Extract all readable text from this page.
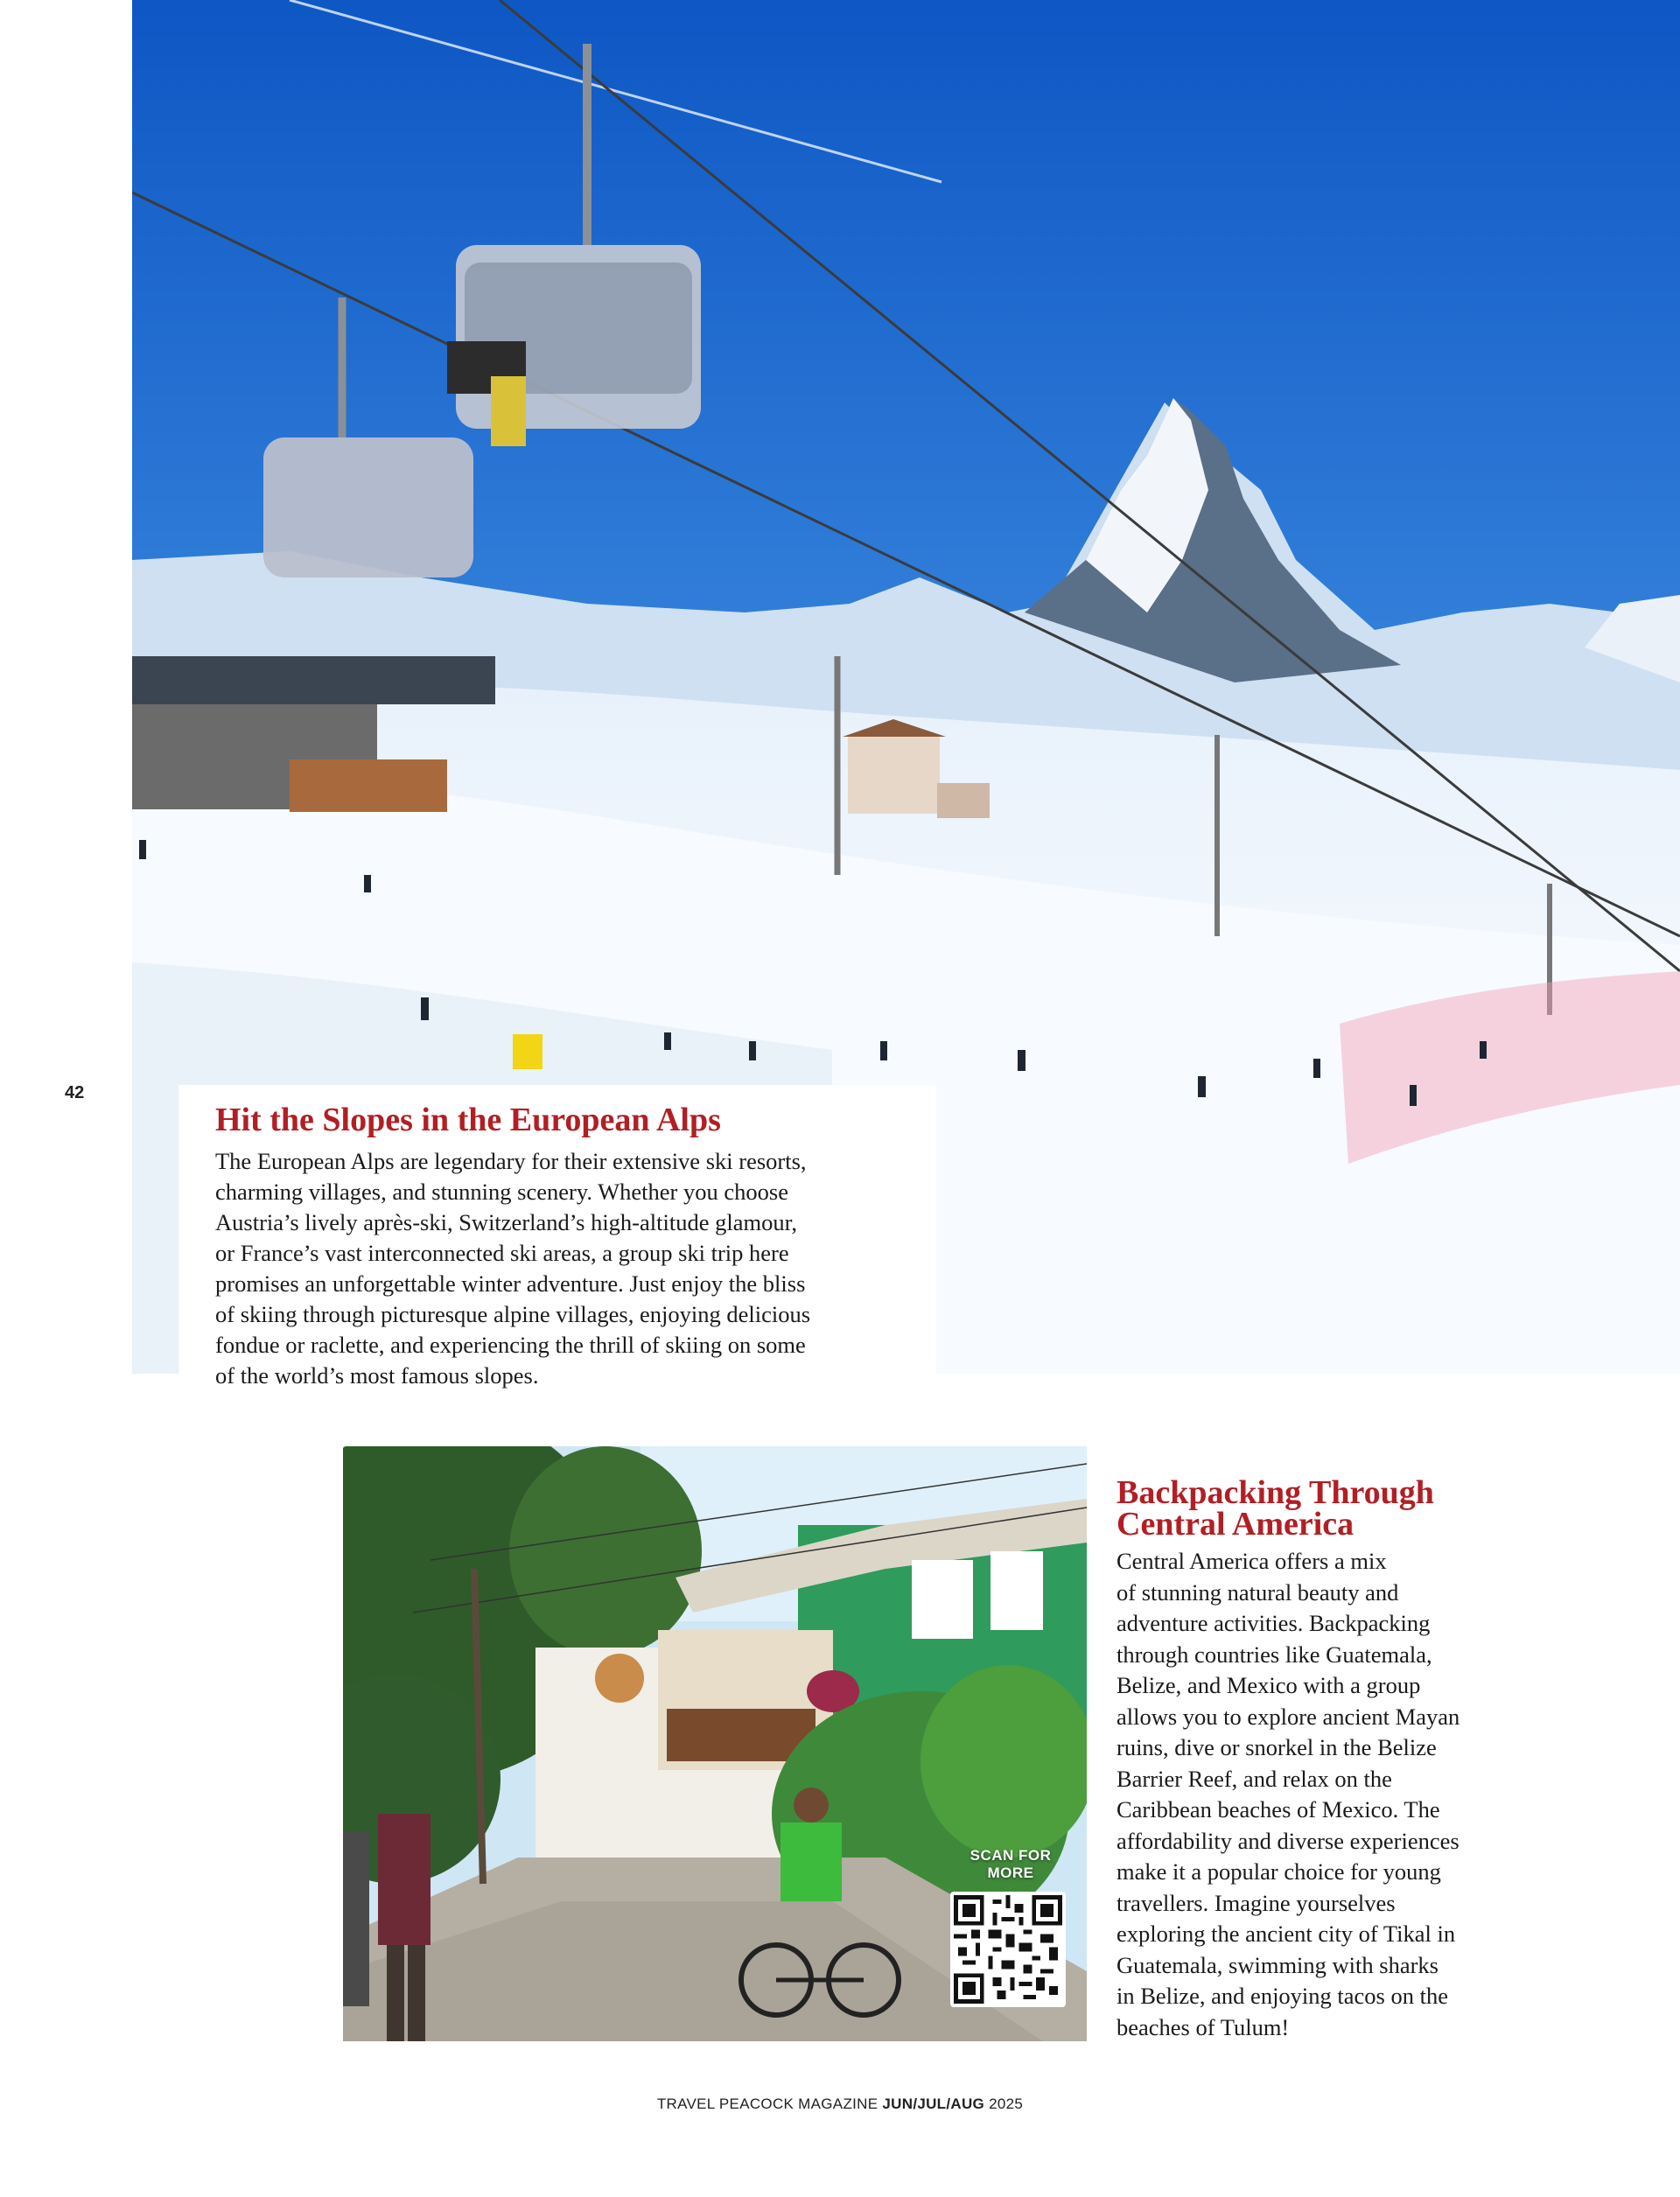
42
Hit the Slopes in the European Alps

The European Alps are legendary for their extensive ski resorts,
charming villages, and stunning scenery. Whether you choose
Austria’s lively après-ski, Switzerland’s high-altitude glamour,
or France’s vast interconnected ski areas, a group ski trip here
promises an unforgettable winter adventure. Just enjoy the bliss
of skiing through picturesque alpine villages, enjoying delicious
fondue or raclette, and experiencing the thrill of skiing on some
of the world’s most famous slopes.

SCAN FOR
MORE
Backpacking Through
Central America

Central America offers a mix
of stunning natural beauty and
adventure activities. Backpacking
through countries like Guatemala,
Belize, and Mexico with a group
allows you to explore ancient Mayan
ruins, dive or snorkel in the Belize
Barrier Reef, and relax on the
Caribbean beaches of Mexico. The
affordability and diverse experiences
make it a popular choice for young
travellers. Imagine yourselves
exploring the ancient city of Tikal in
Guatemala, swimming with sharks
in Belize, and enjoying tacos on the
beaches of Tulum!

TRAVEL PEACOCK MAGAZINE JUN/JUL/AUG 2025
